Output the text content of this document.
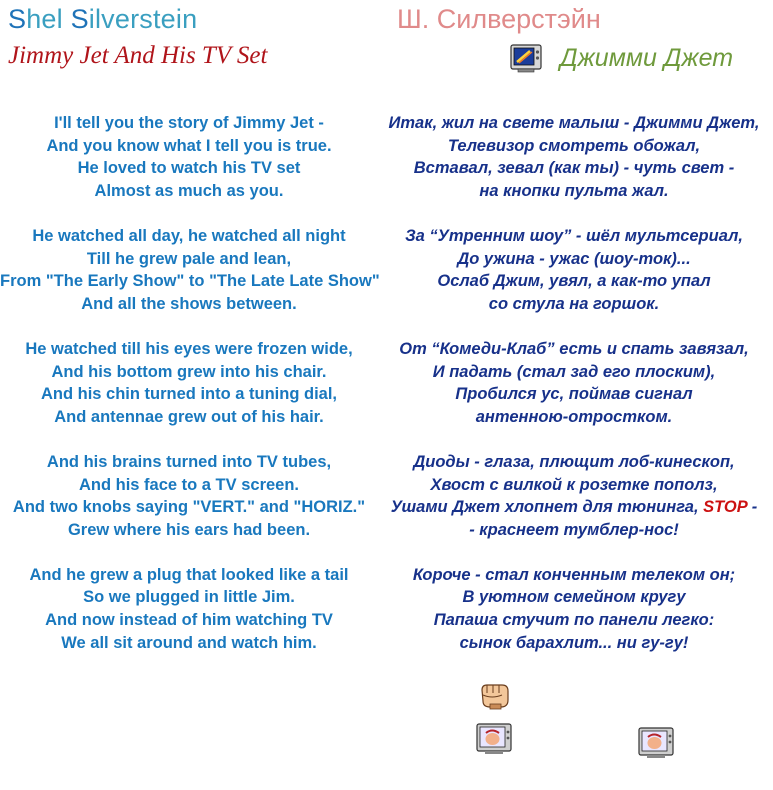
Shel Silverstein
Jimmy Jet And His TV Set
Ш. Силверстэйн
Джимми Джет
I'll tell you the story of Jimmy Jet -
And you know what I tell you is true.
He loved to watch his TV set
Almost as much as you.
He watched all day, he watched all night
Till he grew pale and lean,
From "The Early Show" to "The Late Late Show"
And all the shows between.
He watched till his eyes were frozen wide,
And his bottom grew into his chair.
And his chin turned into a tuning dial,
And antennae grew out of his hair.
And his brains turned into TV tubes,
And his face to a TV screen.
And two knobs saying "VERT." and "HORIZ."
Grew where his ears had been.
And he grew a plug that looked like a tail
So we plugged in little Jim.
And now instead of him watching TV
We all sit around and watch him.
Итак, жил на свете малыш - Джимми Джет,
Телевизор смотреть обожал,
Вставал, зевал (как ты) - чуть свет -
на кнопки пульта жал.
За “Утренним шоу” - шёл мультсериал,
До ужина - ужас (шоу-ток)...
Ослаб Джим, увял, а как-то упал
со стула на горшок.
От “Комеди-Клаб” есть и спать завязал,
И падать (стал зад его плоским),
Пробился ус, поймав сигнал
антенною-отростком.
Диоды - глаза, плющит лоб-кинескоп,
Хвост с вилкой к розетке пополз,
Ушами Джет хлопнет для тюнинга, STOP -
- краснеет тумблер-нос!
Короче - стал конченным телеком он;
В уютном семейном кругу
Папаша стучит по панели легко:
сынок барахлит... ни гу-гу!
